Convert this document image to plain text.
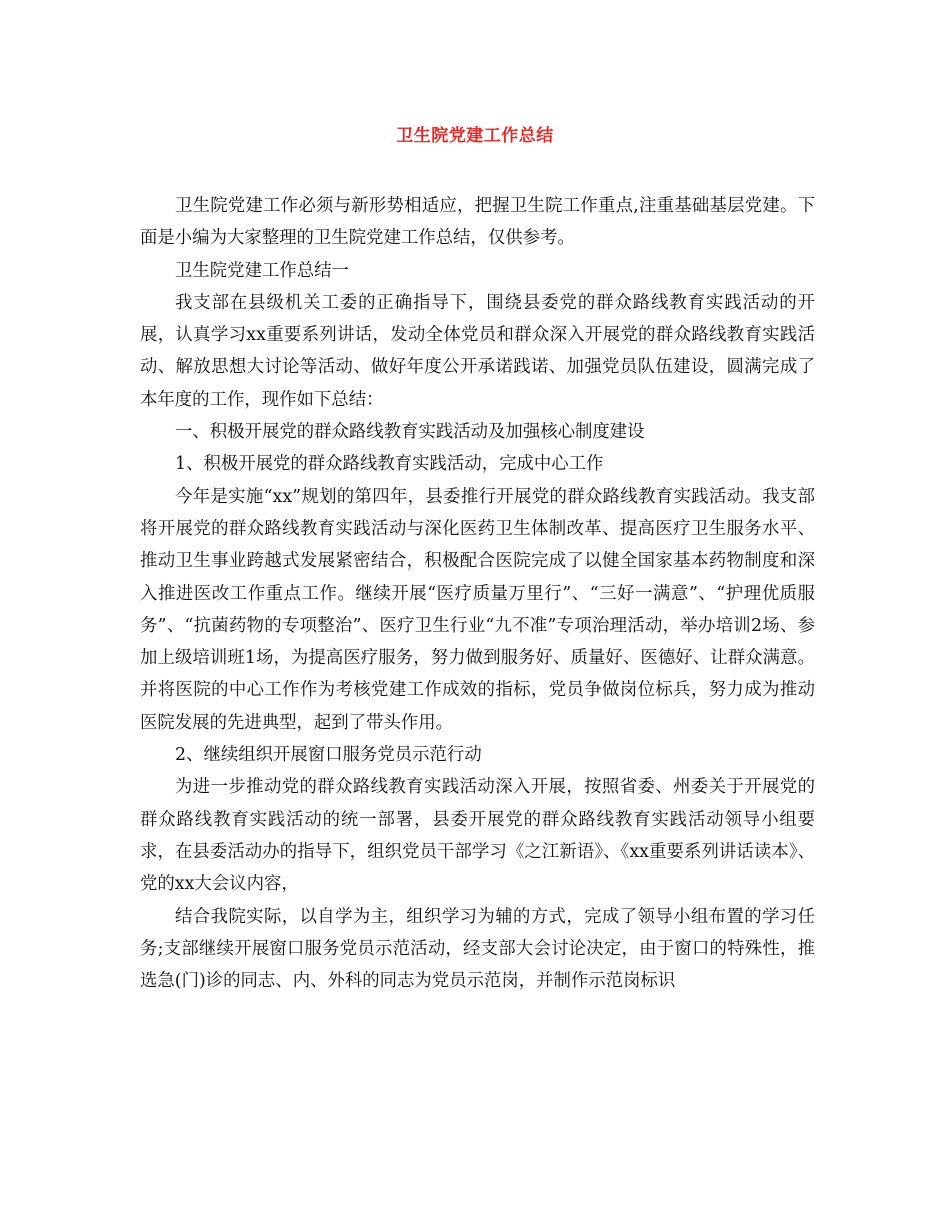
卫生院党建工作总结

卫生院党建工作必须与新形势相适应，把握卫生院工作重点,注重基础基层党建。下面是小编为大家整理的卫生院党建工作总结，仅供参考。

卫生院党建工作总结一

我支部在县级机关工委的正确指导下，围绕县委党的群众路线教育实践活动的开展，认真学习xx重要系列讲话，发动全体党员和群众深入开展党的群众路线教育实践活动、解放思想大讨论等活动、做好年度公开承诺践诺、加强党员队伍建设，圆满完成了本年度的工作，现作如下总结：

一、积极开展党的群众路线教育实践活动及加强核心制度建设

1、积极开展党的群众路线教育实践活动，完成中心工作

今年是实施“xx”规划的第四年，县委推行开展党的群众路线教育实践活动。我支部将开展党的群众路线教育实践活动与深化医药卫生体制改革、提高医疗卫生服务水平、推动卫生事业跨越式发展紧密结合，积极配合医院完成了以健全国家基本药物制度和深入推进医改工作重点工作。继续开展“医疗质量万里行”、“三好一满意”、“护理优质服务”、“抗菌药物的专项整治”、医疗卫生行业“九不准”专项治理活动，举办培训2场、参加上级培训班1场，为提高医疗服务，努力做到服务好、质量好、医德好、让群众满意。并将医院的中心工作作为考核党建工作成效的指标，党员争做岗位标兵，努力成为推动医院发展的先进典型，起到了带头作用。

2、继续组织开展窗口服务党员示范行动

为进一步推动党的群众路线教育实践活动深入开展，按照省委、州委关于开展党的群众路线教育实践活动的统一部署，县委开展党的群众路线教育实践活动领导小组要求，在县委活动办的指导下，组织党员干部学习《之江新语》、《xx重要系列讲话读本》、党的xx大会议内容，

结合我院实际，以自学为主，组织学习为辅的方式，完成了领导小组布置的学习任务;支部继续开展窗口服务党员示范活动，经支部大会讨论决定，由于窗口的特殊性，推选急(门)诊的同志、内、外科的同志为党员示范岗，并制作示范岗标识
